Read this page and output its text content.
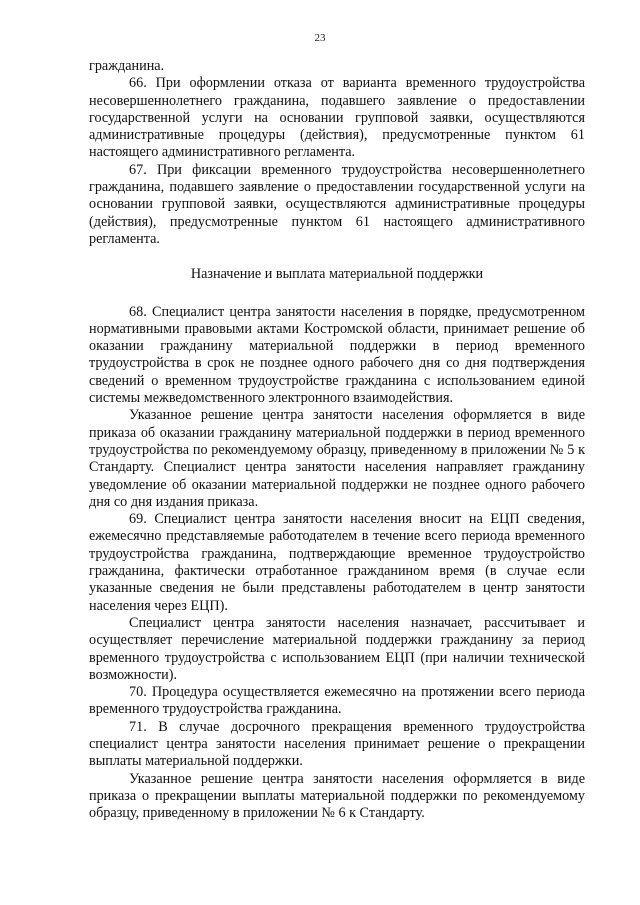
23

гражданина.

66. При оформлении отказа от варианта временного трудоустройства несовершеннолетнего гражданина, подавшего заявление о предоставлении государственной услуги на основании групповой заявки, осуществляются административные процедуры (действия), предусмотренные пунктом 61 настоящего административного регламента.

67. При фиксации временного трудоустройства несовершеннолетнего гражданина, подавшего заявление о предоставлении государственной услуги на основании групповой заявки, осуществляются административные процедуры (действия), предусмотренные пунктом 61 настоящего административного регламента.

Назначение и выплата материальной поддержки

68. Специалист центра занятости населения в порядке, предусмотренном нормативными правовыми актами Костромской области, принимает решение об оказании гражданину материальной поддержки в период временного трудоустройства в срок не позднее одного рабочего дня со дня подтверждения сведений о временном трудоустройстве гражданина с использованием единой системы межведомственного электронного взаимодействия.

Указанное решение центра занятости населения оформляется в виде приказа об оказании гражданину материальной поддержки в период временного трудоустройства по рекомендуемому образцу, приведенному в приложении № 5 к Стандарту. Специалист центра занятости населения направляет гражданину уведомление об оказании материальной поддержки не позднее одного рабочего дня со дня издания приказа.

69. Специалист центра занятости населения вносит на ЕЦП сведения, ежемесячно представляемые работодателем в течение всего периода временного трудоустройства гражданина, подтверждающие временное трудоустройство гражданина, фактически отработанное гражданином время (в случае если указанные сведения не были представлены работодателем в центр занятости населения через ЕЦП).

Специалист центра занятости населения назначает, рассчитывает и осуществляет перечисление материальной поддержки гражданину за период временного трудоустройства с использованием ЕЦП (при наличии технической возможности).

70. Процедура осуществляется ежемесячно на протяжении всего периода временного трудоустройства гражданина.

71. В случае досрочного прекращения временного трудоустройства специалист центра занятости населения принимает решение о прекращении выплаты материальной поддержки.

Указанное решение центра занятости населения оформляется в виде приказа о прекращении выплаты материальной поддержки по рекомендуемому образцу, приведенному в приложении № 6 к Стандарту.
